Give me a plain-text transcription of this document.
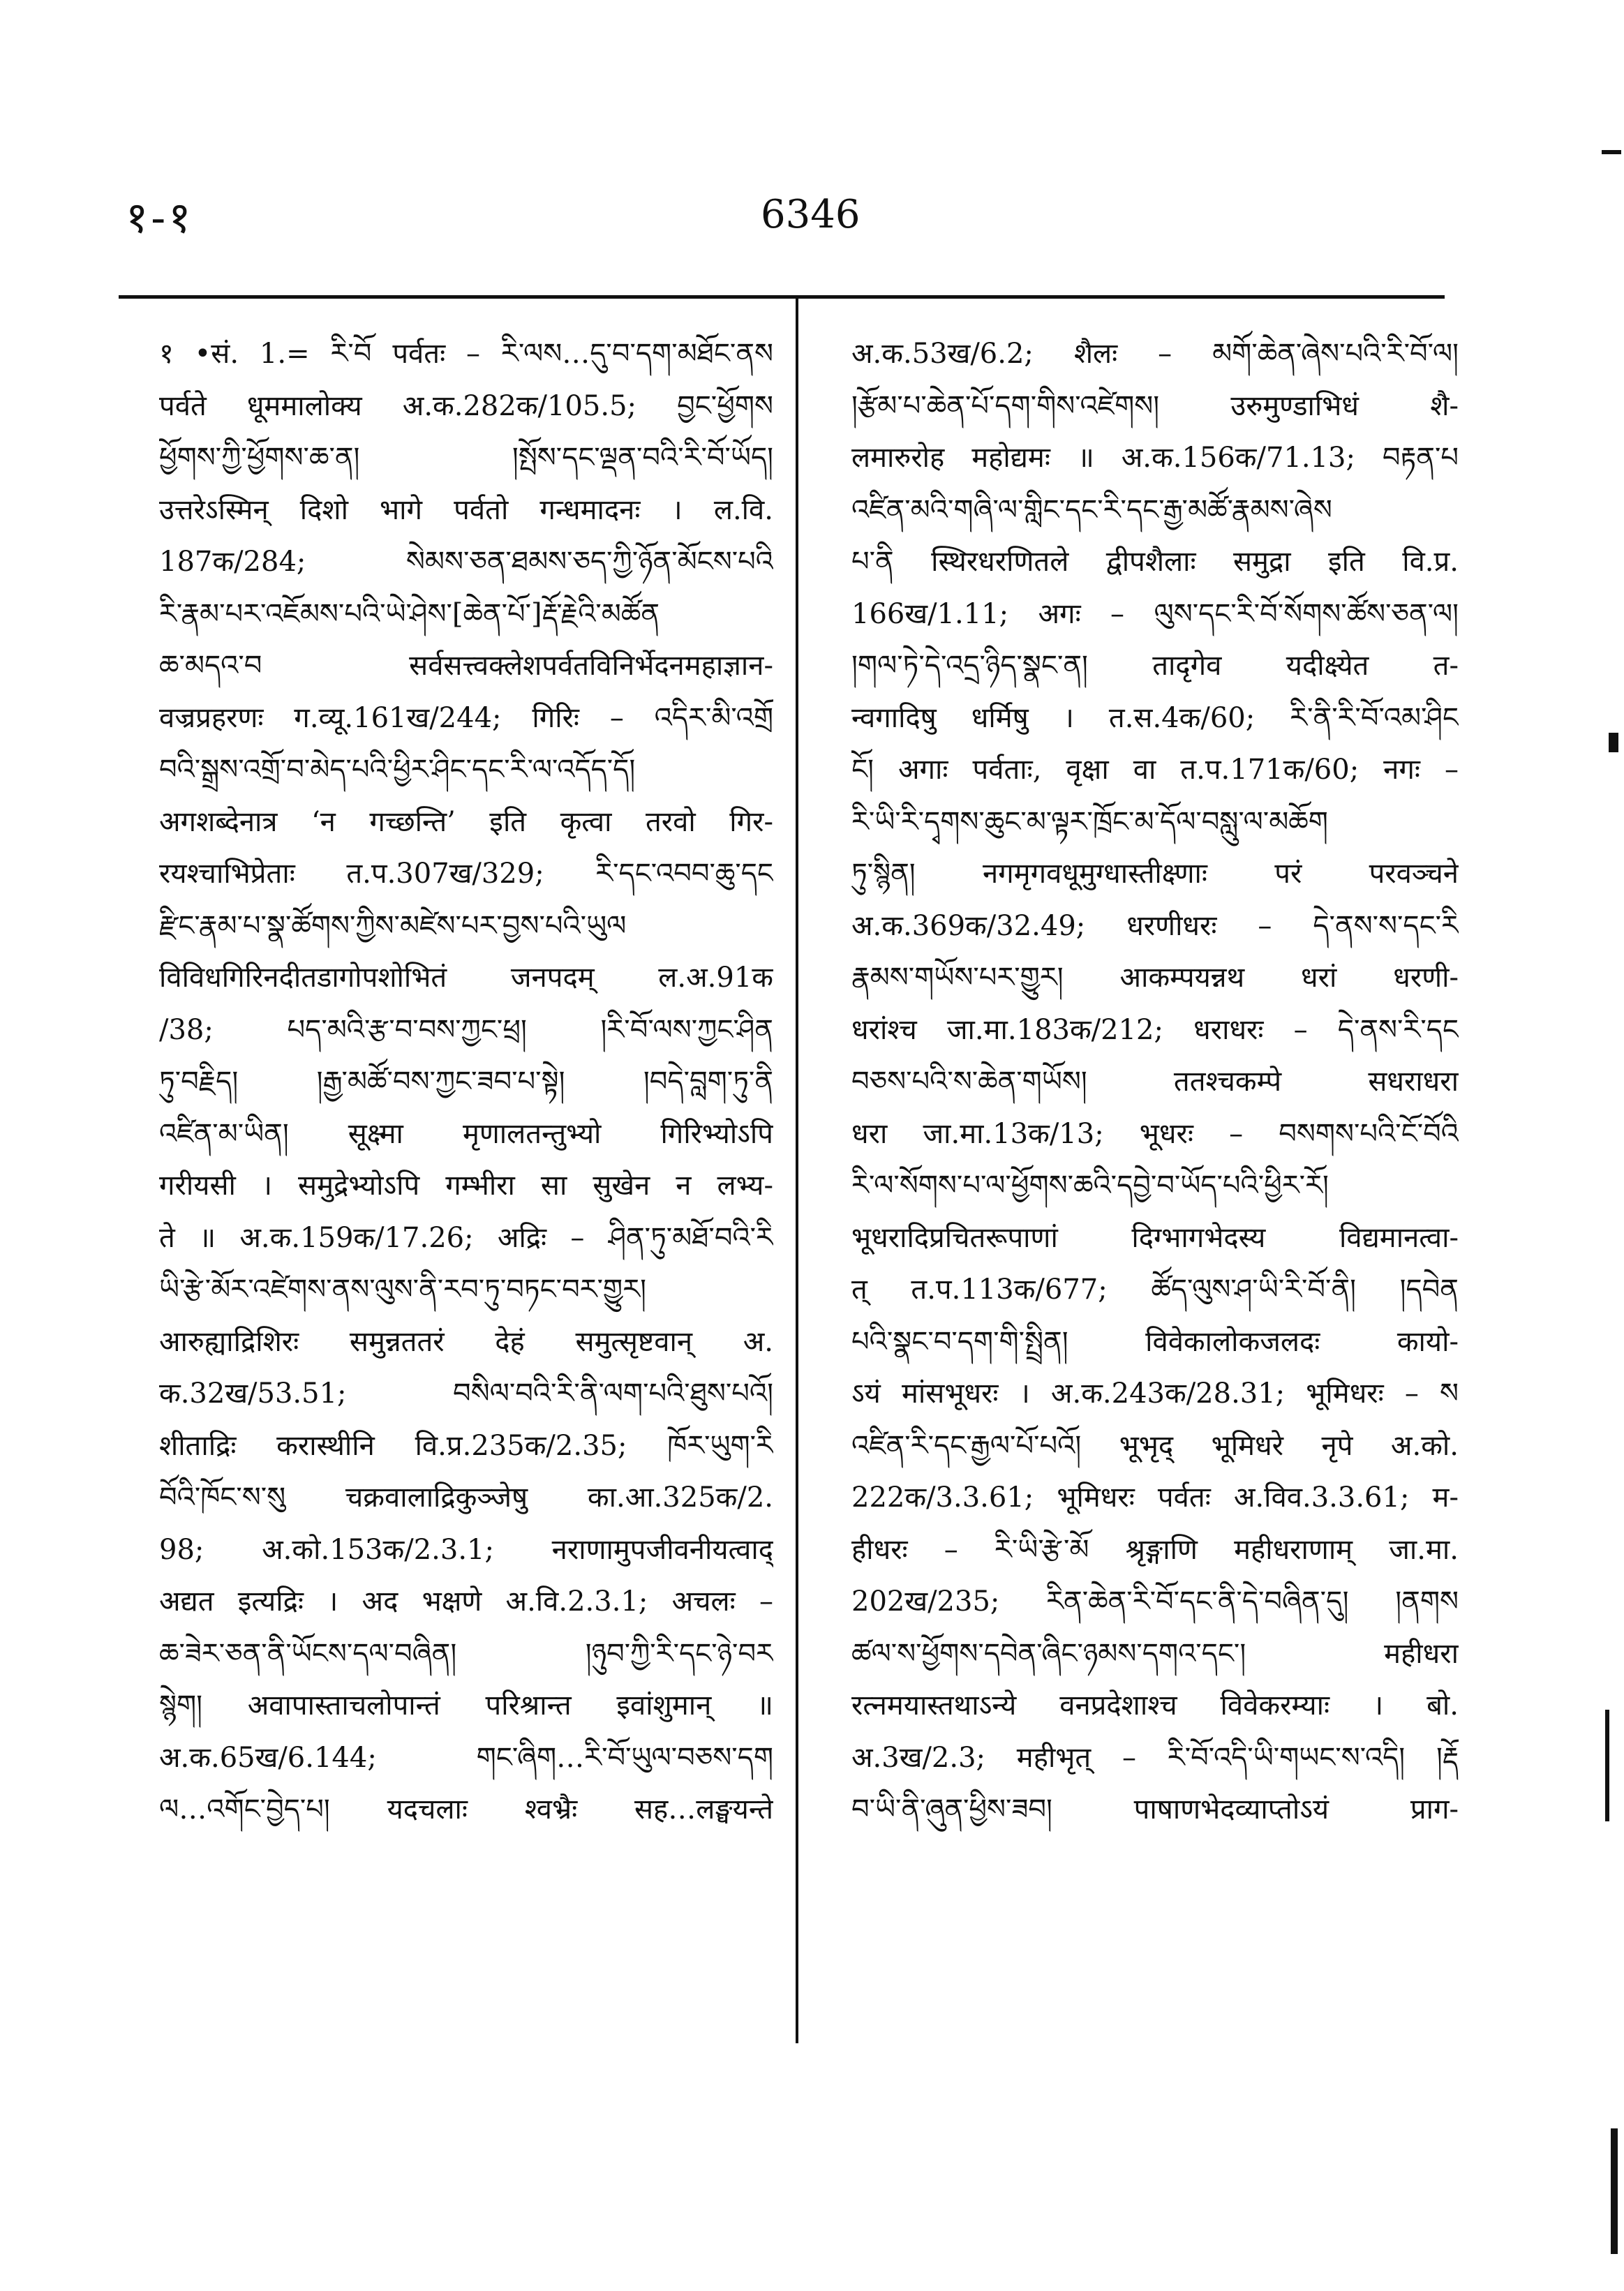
१-१	6346
१ •सं. 1.= རི་བོ पर्वतः – རི་ལས…དུ་བ་དག་མཐོང་ནས
पर्वते धूममालोक्य अ.क.282क/105.5; བྱང་ཕྱོགས
ཕྱོགས་ཀྱི་ཕྱོགས་ཆ་ན། །སྤོས་དང་ལྡན་བའི་རི་བོ་ཡོད།
उत्तरेऽस्मिन् दिशो भागे पर्वतो गन्धमादनः । ल.वि.
187क/284; སེམས་ཅན་ཐམས་ཅད་ཀྱི་ཉོན་མོངས་པའི
རི་རྣམ་པར་འཇོམས་པའི་ཡེ་ཤེས་[ཆེན་པོ་]རྡོ་རྗེའི་མཚོན
ཆ་མདའ་བ सर्वसत्त्वक्लेशपर्वतविनिर्भेदनमहाज्ञान-
वज्रप्रहरणः ग.व्यू.161ख/244; गिरिः – འདིར་མི་འགྲོ
བའི་སྒྲས་འགྲོ་བ་མེད་པའི་ཕྱིར་ཤིང་དང་རི་ལ་འདོད་དོ།
अगशब्देनात्र ‘न गच्छन्ति’ इति कृत्वा तरवो गिर-
रयश्चाभिप्रेताः त.प.307ख/329; རི་དང་འབབ་ཆུ་དང
རྫིང་རྣམ་པ་སྣ་ཚོགས་ཀྱིས་མཛེས་པར་བྱས་པའི་ཡུལ
विविधगिरिनदीतडागोपशोभितं जनपदम् ल.अ.91क
/38; པད་མའི་རྩ་བ་བས་ཀྱང་ཕྲ། །རི་བོ་ལས་ཀྱང་ཤིན
ཏུ་བརྗིད། །རྒྱ་མཚོ་བས་ཀྱང་ཟབ་པ་སྟེ། །བདེ་བླག་ཏུ་ནི
འཛིན་མ་ཡིན། सूक्ष्मा मृणालतन्तुभ्यो गिरिभ्योऽपि
गरीयसी । समुद्रेभ्योऽपि गम्भीरा सा सुखेन न लभ्य-
ते ॥ अ.क.159क/17.26; अद्रिः – ཤིན་ཏུ་མཐོ་བའི་རི
ཡི་རྩེ་མོར་འཛེགས་ནས་ལུས་ནི་རབ་ཏུ་བཏང་བར་གྱུར།
आरुह्याद्रिशिरः समुन्नततरं देहं समुत्सृष्टवान् अ.
क.32ख/53.51; བསིལ་བའི་རི་ནི་ལག་པའི་ཐུས་པའོ།
शीताद्रिः करास्थीनि वि.प्र.235क/2.35; ཁོར་ཡུག་རི
བོའི་ཁོང་ས་སུ चक्रवालाद्रिकुञ्जेषु का.आ.325क/2.
98; अ.को.153क/2.3.1; नराणामुपजीवनीयत्वाद्
अद्यत इत्यद्रिः । अद भक्षणे अ.वि.2.3.1; अचलः –
ཆ་ཟེར་ཅན་ནི་ཡོངས་དལ་བཞིན། །ཉུབ་ཀྱི་རི་དང་ཉེ་བར
སྙེག། अवापास्ताचलोपान्तं परिश्रान्त इवांशुमान् ॥
अ.क.65ख/6.144; གང་ཞིག…རི་བོ་ཡུལ་བཅས་དག
ལ…འགོང་བྱེད་པ། यदचलाः श्वभ्रैः सह…लङ्घयन्ते
अ.क.53ख/6.2; शैलः – མགོ་ཆེན་ཞེས་པའི་རི་བོ་ལ།
།རྩོམ་པ་ཆེན་པོ་དག་གིས་འཛེགས། उरुमुण्डाभिधं शै-
लमारुरोह महोद्यमः ॥ अ.क.156क/71.13; བརྟན་པ
འཛིན་མའི་གཞི་ལ་གླིང་དང་རི་དང་རྒྱ་མཚོ་རྣམས་ཞེས
པ་ནི स्थिरधरणितले द्वीपशैलाः समुद्रा इति वि.प्र.
166ख/1.11; अगः – ལུས་དང་རི་བོ་སོགས་ཚོས་ཅན་ལ།
།གལ་ཏེ་དེ་འདྲ་ཉིད་སྣང་ན། तादृगेव यदीक्ष्येत त-
न्वगादिषु धर्मिषु । त.स.4क/60; རི་ནི་རི་བོ་འམ་ཤིང
ངོ། अगाः पर्वताः, वृक्षा वा त.प.171क/60; नगः –
རི་ཡི་རི་དྭགས་ཆུང་མ་ལྟར་ཁྲོང་མ་དོལ་བསླུ་ལ་མཆོག
ཏུ་སྙིན། नगमृगवधूमुग्धास्तीक्ष्णाः परं परवञ्चने
अ.क.369क/32.49; धरणीधरः – དེ་ནས་ས་དང་རི
རྣམས་གཡོས་པར་གྱུར། आकम्पयन्नथ धरां धरणी-
धरांश्च जा.मा.183क/212; धराधरः – དེ་ནས་རི་དང
བཅས་པའི་ས་ཆེན་གཡོས། ततश्चकम्पे सधराधरा
धरा जा.मा.13क/13; भूधरः – བསགས་པའི་ངོ་བོའི
རི་ལ་སོགས་པ་ལ་ཕྱོགས་ཆའི་དབྱེ་བ་ཡོད་པའི་ཕྱིར་རོ།
भूधरादिप्रचितरूपाणां दिग्भागभेदस्य विद्यमानत्वा-
त् त.प.113क/677; ཚོད་ལུས་ཤ་ཡི་རི་བོ་ནི། །དབེན
པའི་སྣང་བ་དག་གི་སྤྲིན། विवेकालोकजलदः कायो-
ऽयं मांसभूधरः । अ.क.243क/28.31; भूमिधरः – ས
འཛིན་རི་དང་རྒྱལ་པོ་པའོ། भूभृद् भूमिधरे नृपे अ.को.
222क/3.3.61; भूमिधरः पर्वतः अ.विव.3.3.61; म-
हीधरः – རི་ཡི་རྩེ་མོ श्रृङ्गाणि महीधराणाम् जा.मा.
202ख/235; རིན་ཆེན་རི་བོ་དང་ནི་དེ་བཞིན་དུ། །ནགས
ཚལ་ས་ཕྱོགས་དབེན་ཞིང་ཉམས་དགའ་དང་། महीधरा
रत्नमयास्तथाऽन्ये वनप्रदेशाश्च विवेकरम्याः । बो.
अ.3ख/2.3; महीभृत् – རི་བོ་འདི་ཡི་གཡང་ས་འདི། །རྡོ
བ་ཡི་ནི་ཞུན་ཕྱིས་ཟབ། पाषाणभेदव्याप्तोऽयं प्राग-
